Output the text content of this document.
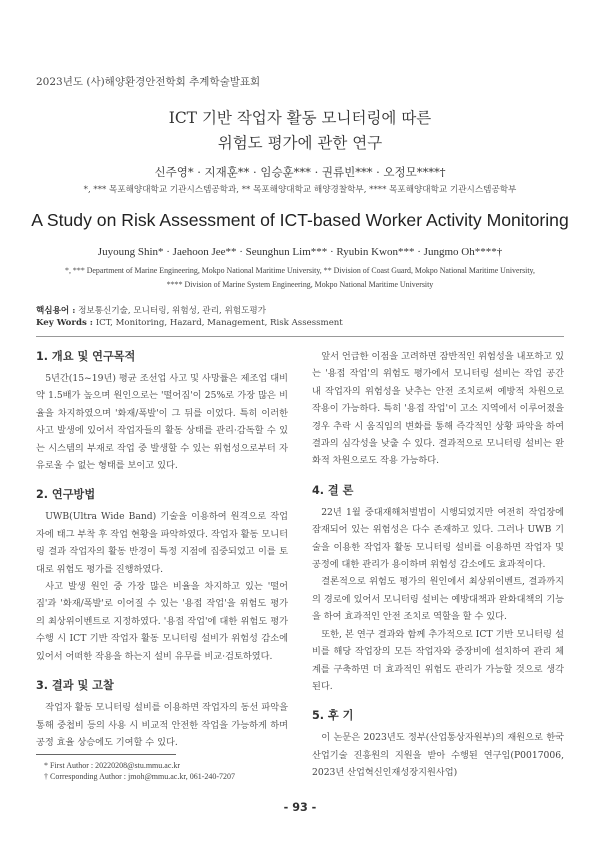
2023년도 (사)해양환경안전학회 추계학술발표회
ICT 기반 작업자 활동 모니터링에 따른
위험도 평가에 관한 연구
신주영* · 지재훈** · 임승훈*** · 권류빈*** · 오정모****†
*, *** 목포해양대학교 기관시스템공학과, ** 목포해양대학교 해양경찰학부, **** 목포해양대학교 기관시스템공학부
A Study on Risk Assessment of ICT-based Worker Activity Monitoring
Juyoung Shin* · Jaehoon Jee** · Seunghun Lim*** · Ryubin Kwon*** · Jungmo Oh****†
*, *** Department of Marine Engineering, Mokpo National Maritime University, ** Division of Coast Guard, Mokpo National Maritime University,
**** Division of Marine System Engineering, Mokpo National Maritime University
핵심용어 : 정보통신기술, 모니터링, 위험성, 관리, 위험도평가
Key Words : ICT, Monitoring, Hazard, Management, Risk Assessment
1. 개요 및 연구목적

5년간(15~19년) 평균 조선업 사고 및 사망률은 제조업 대비 약 1.5배가 높으며 원인으로는 '떨어짐'이 25%로 가장 많은 비율을 차지하였으며 '화재/폭발'이 그 뒤를 이었다. 특히 이러한 사고 발생에 있어서 작업자들의 활동 상태를 관리·감독할 수 있는 시스템의 부재로 작업 중 발생할 수 있는 위험성으로부터 자유로울 수 없는 형태를 보이고 있다.

2. 연구방법

UWB(Ultra Wide Band) 기술을 이용하여 원격으로 작업자에 태그 부착 후 작업 현황을 파악하였다. 작업자 활동 모니터링 결과 작업자의 활동 반경이 특정 지점에 집중되었고 이를 토대로 위험도 평가를 진행하였다.

사고 발생 원인 중 가장 많은 비율을 차지하고 있는 '떨어짐'과 '화재/폭발'로 이어질 수 있는 '용접 작업'을 위험도 평가의 최상위이벤트로 지정하였다. '용접 작업'에 대한 위험도 평가 수행 시 ICT 기반 작업자 활동 모니터링 설비가 위험성 감소에 있어서 어떠한 작용을 하는지 설비 유무를 비교·검토하였다.

3. 결과 및 고찰

작업자 활동 모니터링 설비를 이용하면 작업자의 동선 파악을 통해 중첩비 등의 사용 시 비교적 안전한 작업을 가능하게 하며 공정 효율 상승에도 기여할 수 있다.

앞서 언급한 이점을 고려하면 잠반적인 위험성을 내포하고 있는 '용접 작업'의 위험도 평가에서 모니터링 설비는 작업 공간 내 작업자의 위험성을 낮추는 안전 조치로써 예방적 차원으로 작용이 가능하다. 특히 '용접 작업'이 고소 지역에서 이루어졌을 경우 추락 시 움직임의 변화를 통해 즉각적인 상황 파악을 하여 결과의 심각성을 낮출 수 있다. 결과적으로 모니터링 설비는 완화적 차원으로도 작용 가능하다.

4. 결 론

22년 1월 중대재해처벌법이 시행되었지만 여전히 작업장에 잠재되어 있는 위험성은 다수 존재하고 있다. 그러나 UWB 기술을 이용한 작업자 활동 모니터링 설비를 이용하면 작업자 및 공정에 대한 관리가 용이하며 위험성 감소에도 효과적이다.

결론적으로 위험도 평가의 원인에서 최상위이벤트, 결과까지의 경로에 있어서 모니터링 설비는 예방대책과 완화대책의 기능을 하여 효과적인 안전 조치로 역할을 할 수 있다.

또한, 본 연구 결과와 함께 추가적으로 ICT 기반 모니터링 설비를 해당 작업장의 모든 작업자와 중장비에 설치하여 관리 체계를 구축하면 더 효과적인 위험도 관리가 가능할 것으로 생각된다.

5. 후 기

이 논문은 2023년도 정부(산업통상자원부)의 재원으로 한국산업기술 진흥원의 지원을 받아 수행된 연구임(P0017006, 2023년 산업혁신인재성장지원사업)

* First Author : 20220208@stu.mmu.ac.kr
† Corresponding Author : jmoh@mmu.ac.kr, 061-240-7207
- 93 -
